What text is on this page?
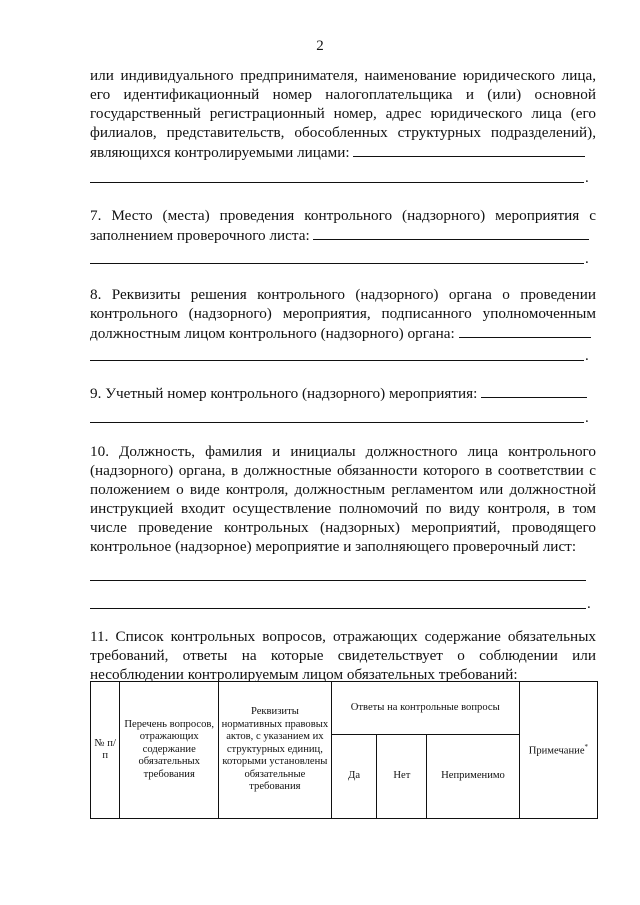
2
или индивидуального предпринимателя, наименование юридического лица, его идентификационный номер налогоплательщика и (или) основной государственный регистрационный номер, адрес юридического лица (его филиалов, представительств, обособленных структурных подразделений), являющихся контролируемыми лицами:
.
7. Место (места) проведения контрольного (надзорного) мероприятия с заполнением проверочного листа:
.
8. Реквизиты решения контрольного (надзорного) органа о проведении контрольного (надзорного) мероприятия, подписанного уполномоченным должностным лицом контрольного (надзорного) органа:
.
9. Учетный номер контрольного (надзорного) мероприятия:
.
10. Должность, фамилия и инициалы должностного лица контрольного (надзорного) органа, в должностные обязанности которого в соответствии с положением о виде контроля, должностным регламентом или должностной инструкцией входит осуществление полномочий по виду контроля, в том числе проведение контрольных (надзорных) мероприятий, проводящего контрольное (надзорное) мероприятие и заполняющего проверочный лист:
.
11. Список контрольных вопросов, отражающих содержание обязательных требований, ответы на которые свидетельствует о соблюдении или несоблюдении контролируемым лицом обязательных требований:
№ п/п	Перечень вопросов, отражающих содержание обязательных требования	Реквизиты нормативных правовых актов, с указанием их структурных единиц, которыми установлены обязательные требования	Ответы на контрольные вопросы			Примечание*
			Да	Нет	Неприменимо	
